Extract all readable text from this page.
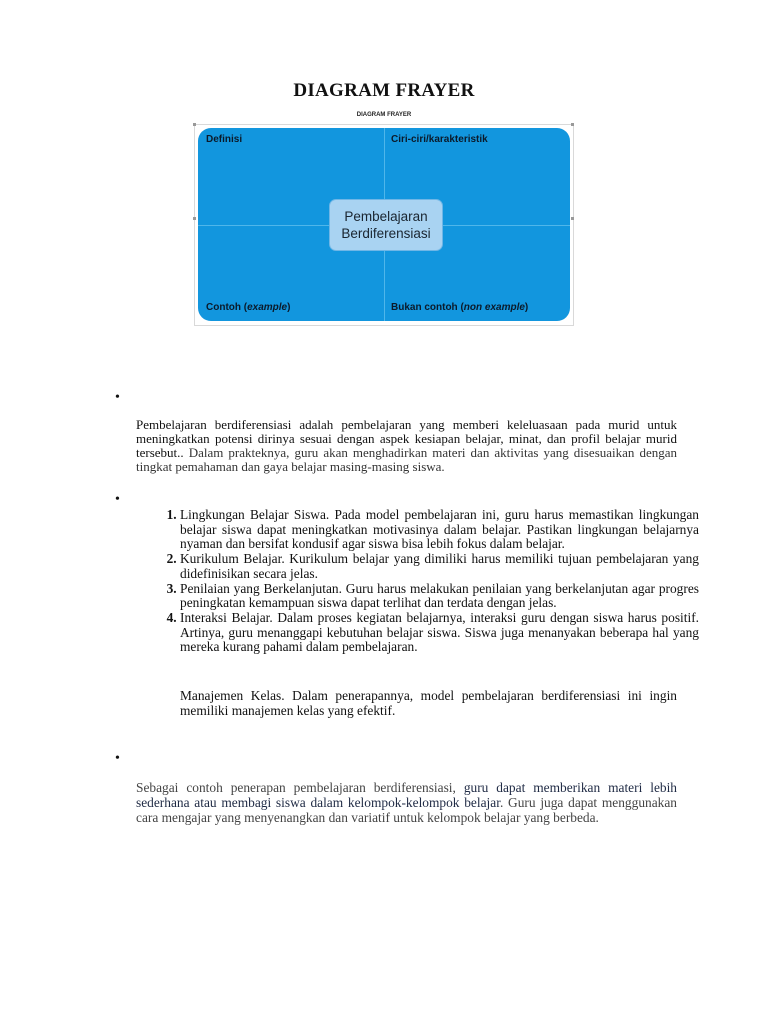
DIAGRAM FRAYER
DIAGRAM FRAYER
Definisi	Ciri-ciri/karakteristik
Contoh (example)	Bukan contoh (non example)
Pembelajaran
Berdiferensiasi
•
Pembelajaran berdiferensiasi adalah pembelajaran yang memberi keleluasaan pada murid untuk meningkatkan potensi dirinya sesuai dengan aspek kesiapan belajar, minat, dan profil belajar murid tersebut.. Dalam prakteknya, guru akan menghadirkan materi dan aktivitas yang disesuaikan dengan tingkat pemahaman dan gaya belajar masing-masing siswa.
•
1. Lingkungan Belajar Siswa. Pada model pembelajaran ini, guru harus memastikan lingkungan belajar siswa dapat meningkatkan motivasinya dalam belajar. Pastikan lingkungan belajarnya nyaman dan bersifat kondusif agar siswa bisa lebih fokus dalam belajar.
2. Kurikulum Belajar. Kurikulum belajar yang dimiliki harus memiliki tujuan pembelajaran yang didefinisikan secara jelas.
3. Penilaian yang Berkelanjutan. Guru harus melakukan penilaian yang berkelanjutan agar progres peningkatan kemampuan siswa dapat terlihat dan terdata dengan jelas.
4. Interaksi Belajar. Dalam proses kegiatan belajarnya, interaksi guru dengan siswa harus positif. Artinya, guru menanggapi kebutuhan belajar siswa. Siswa juga menanyakan beberapa hal yang mereka kurang pahami dalam pembelajaran.
Manajemen Kelas. Dalam penerapannya, model pembelajaran berdiferensiasi ini ingin memiliki manajemen kelas yang efektif.
•
Sebagai contoh penerapan pembelajaran berdiferensiasi, guru dapat memberikan materi lebih sederhana atau membagi siswa dalam kelompok-kelompok belajar. Guru juga dapat menggunakan cara mengajar yang menyenangkan dan variatif untuk kelompok belajar yang berbeda.
